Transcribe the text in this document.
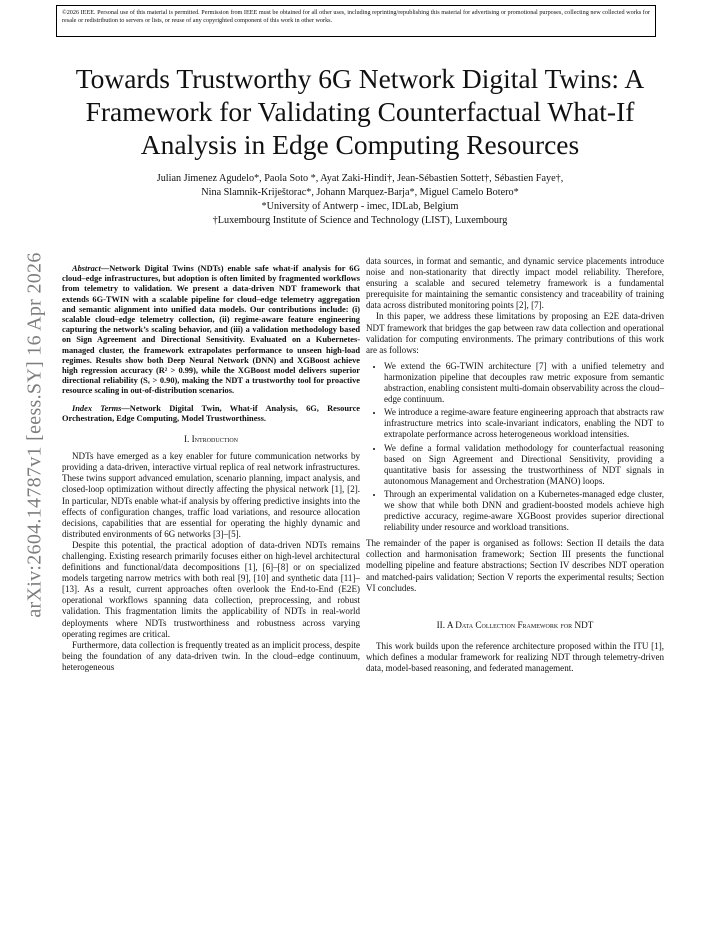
©2026 IEEE. Personal use of this material is permitted. Permission from IEEE must be obtained for all other uses, including reprinting/republishing this material for advertising or promotional purposes, collecting new collected works for resale or redistribution to servers or lists, or reuse of any copyrighted component of this work in other works.
Towards Trustworthy 6G Network Digital Twins: A Framework for Validating Counterfactual What-If Analysis in Edge Computing Resources
Julian Jimenez Agudelo*, Paola Soto *, Ayat Zaki-Hindi†, Jean-Sébastien Sottet†, Sébastien Faye†,
Nina Slamnik-Kriještorac*, Johann Marquez-Barja*, Miguel Camelo Botero*
*University of Antwerp - imec, IDLab, Belgium
†Luxembourg Institute of Science and Technology (LIST), Luxembourg
arXiv:2604.14787v1 [eess.SY] 16 Apr 2026	Abstract—Network Digital Twins (NDTs) enable safe what-if analysis for 6G cloud–edge infrastructures, but adoption is often limited by fragmented workflows from telemetry to validation. We present a data-driven NDT framework that extends 6G-TWIN with a scalable pipeline for cloud–edge telemetry aggregation and semantic alignment into unified data models. Our contributions include: (i) scalable cloud–edge telemetry collection, (ii) regime-aware feature engineering capturing the network’s scaling behavior, and (iii) a validation methodology based on Sign Agreement and Directional Sensitivity. Evaluated on a Kubernetes-managed cluster, the framework extrapolates performance to unseen high-load regimes. Results show both Deep Neural Network (DNN) and XGBoost achieve high regression accuracy (R² > 0.99), while the XGBoost model delivers superior directional reliability (Sₑ > 0.90), making the NDT a trustworthy tool for proactive resource scaling in out-of-distribution scenarios.

Index Terms—Network Digital Twin, What-if Analysis, 6G, Resource Orchestration, Edge Computing, Model Trustworthiness.

I. Introduction

NDTs have emerged as a key enabler for future communication networks by providing a data-driven, interactive virtual replica of real network infrastructures. These twins support advanced emulation, scenario planning, impact analysis, and closed-loop optimization without directly affecting the physical network [1], [2]. In particular, NDTs enable what-if analysis by offering predictive insights into the effects of configuration changes, traffic load variations, and resource allocation decisions, capabilities that are essential for operating the highly dynamic and distributed environments of 6G networks [3]–[5].

Despite this potential, the practical adoption of data-driven NDTs remains challenging. Existing research primarily focuses either on high-level architectural definitions and functional/data decompositions [1], [6]–[8] or on specialized models targeting narrow metrics with both real [9], [10] and synthetic data [11]–[13]. As a result, current approaches often overlook the End-to-End (E2E) operational workflows spanning data collection, preprocessing, and robust validation. This fragmentation limits the applicability of NDTs in real-world deployments where NDTs trustworthiness and robustness across varying operating regimes are critical.

Furthermore, data collection is frequently treated as an implicit process, despite being the foundation of any data-driven twin. In the cloud–edge continuum, heterogeneous

data sources, in format and semantic, and dynamic service placements introduce noise and non-stationarity that directly impact model reliability. Therefore, ensuring a scalable and secured telemetry framework is a fundamental prerequisite for maintaining the semantic consistency and traceability of training data across distributed monitoring points [2], [7].

In this paper, we address these limitations by proposing an E2E data-driven NDT framework that bridges the gap between raw data collection and operational validation for computing environments. The primary contributions of this work are as follows:

• We extend the 6G-TWIN architecture [7] with a unified telemetry and harmonization pipeline that decouples raw metric exposure from semantic abstraction, enabling consistent multi-domain observability across the cloud–edge continuum.
• We introduce a regime-aware feature engineering approach that abstracts raw infrastructure metrics into scale-invariant indicators, enabling the NDT to extrapolate performance across heterogeneous workload intensities.
• We define a formal validation methodology for counterfactual reasoning based on Sign Agreement and Directional Sensitivity, providing a quantitative basis for assessing the trustworthiness of NDT signals in autonomous Management and Orchestration (MANO) loops.
• Through an experimental validation on a Kubernetes-managed edge cluster, we show that while both DNN and gradient-boosted models achieve high predictive accuracy, regime-aware XGBoost provides superior directional reliability under resource and workload transitions.

The remainder of the paper is organised as follows: Section II details the data collection and harmonisation framework; Section III presents the functional modelling pipeline and feature abstractions; Section IV describes NDT operation and matched-pairs validation; Section V reports the experimental results; Section VI concludes.

II. A Data Collection Framework for NDT

This work builds upon the reference architecture proposed within the ITU [1], which defines a modular framework for realizing NDT through telemetry-driven data, model-based reasoning, and federated management.
